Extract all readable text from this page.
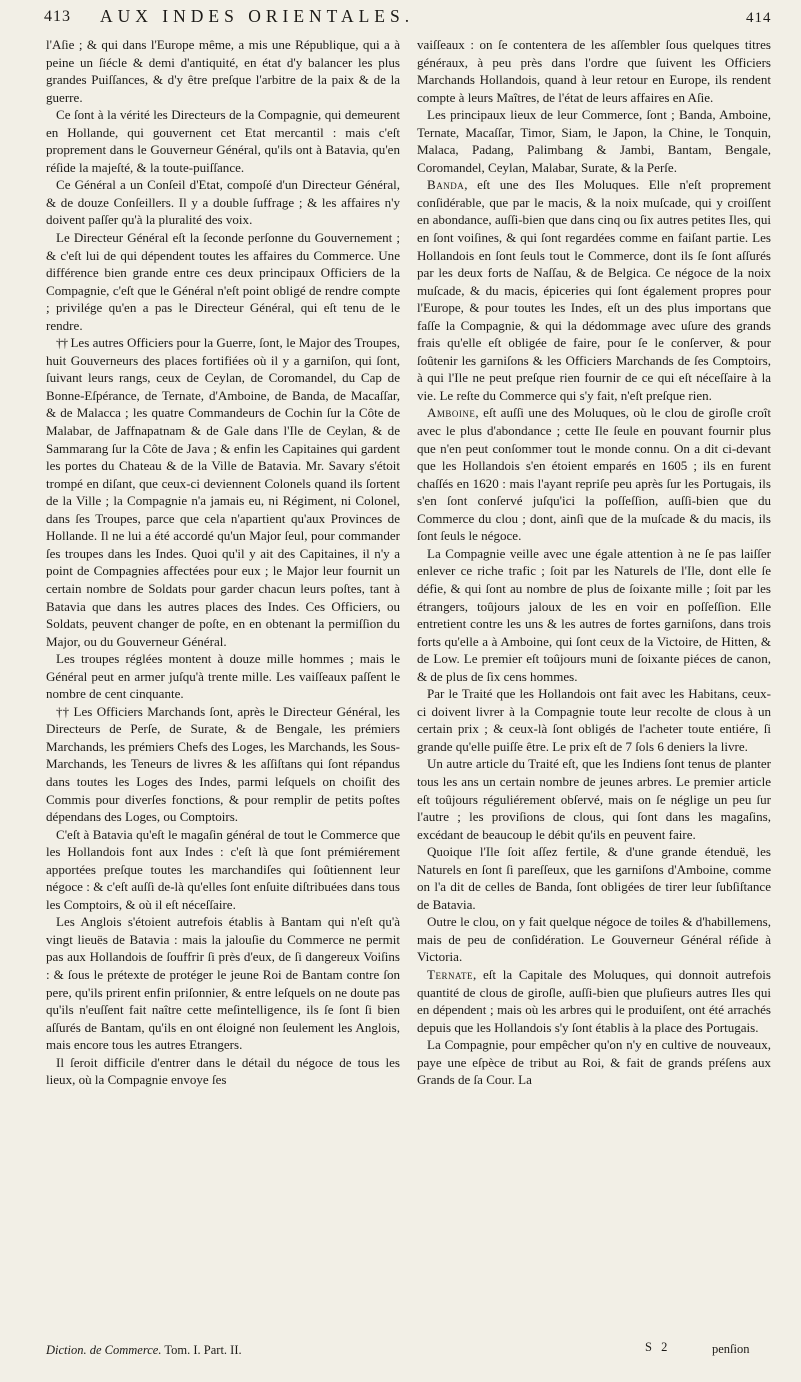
413 AUX INDES ORIENTALES.	414

l'Aſie ; & qui dans l'Europe même, a mis une République, qui a à peine un ſiécle & demi d'antiquité, en état d'y balancer les plus grandes Puiſſances, & d'y être preſque l'arbitre de la paix & de la guerre.

Ce ſont à la vérité les Directeurs de la Compagnie, qui demeurent en Hollande, qui gouvernent cet Etat mercantil : mais c'eſt proprement dans le Gouverneur Général, qu'ils ont à Batavia, qu'en réſide la majeſté, & la toute-puiſſance.

Ce Général a un Conſeil d'Etat, compoſé d'un Directeur Général, & de douze Conſeillers. Il y a double ſuffrage ; & les affaires n'y doivent paſſer qu'à la pluralité des voix.

Le Directeur Général eſt la ſeconde perſonne du Gouvernement ; & c'eſt lui de qui dépendent toutes les affaires du Commerce. Une différence bien grande entre ces deux principaux Officiers de la Compagnie, c'eſt que le Général n'eſt point obligé de rendre compte ; privilége qu'en a pas le Directeur Général, qui eſt tenu de le rendre.

†† Les autres Officiers pour la Guerre, ſont, le Major des Troupes, huit Gouverneurs des places fortifiées où il y a garniſon, qui ſont, ſuivant leurs rangs, ceux de Ceylan, de Coromandel, du Cap de Bonne-Eſpérance, de Ternate, d'Amboine, de Banda, de Macaſſar, & de Malacca ; les quatre Commandeurs de Cochin ſur la Côte de Malabar, de Jaffnapatnam & de Gale dans l'Ile de Ceylan, & de Sammarang ſur la Côte de Java ; & enfin les Capitaines qui gardent les portes du Chateau & de la Ville de Batavia. Mr. Savary s'étoit trompé en diſant, que ceux-ci deviennent Colonels quand ils ſortent de la Ville ; la Compagnie n'a jamais eu, ni Régiment, ni Colonel, dans ſes Troupes, parce que cela n'apartient qu'aux Provinces de Hollande. Il ne lui a été accordé qu'un Major ſeul, pour commander ſes troupes dans les Indes. Quoi qu'il y ait des Capitaines, il n'y a point de Compagnies affectées pour eux ; le Major leur fournit un certain nombre de Soldats pour garder chacun leurs poſtes, tant à Batavia que dans les autres places des Indes. Ces Officiers, ou Soldats, peuvent changer de poſte, en en obtenant la permiſſion du Major, ou du Gouverneur Général.

Les troupes réglées montent à douze mille hommes ; mais le Général peut en armer juſqu'à trente mille. Les vaiſſeaux paſſent le nombre de cent cinquante.

†† Les Officiers Marchands ſont, après le Directeur Général, les Directeurs de Perſe, de Surate, & de Bengale, les prémiers Marchands, les prémiers Chefs des Loges, les Marchands, les Sous-Marchands, les Teneurs de livres & les aſſiſtans qui ſont répandus dans toutes les Loges des Indes, parmi leſquels on choiſit des Commis pour diverſes fonctions, & pour remplir de petits poſtes dépendans des Loges, ou Comptoirs.

C'eſt à Batavia qu'eſt le magaſin général de tout le Commerce que les Hollandois font aux Indes : c'eſt là que ſont prémiérement apportées preſque toutes les marchandiſes qui ſoûtiennent leur négoce : & c'eſt auſſi de-là qu'elles ſont enſuite diſtribuées dans tous les Comptoirs, & où il eſt néceſſaire.

Les Anglois s'étoient autrefois établis à Bantam qui n'eſt qu'à vingt lieuës de Batavia : mais la jalouſie du Commerce ne permit pas aux Hollandois de ſouffrir ſi près d'eux, de ſi dangereux Voiſins : & ſous le prétexte de protéger le jeune Roi de Bantam contre ſon pere, qu'ils prirent enfin priſonnier, & entre leſquels on ne doute pas qu'ils n'euſſent fait naître cette meſintelligence, ils ſe ſont ſi bien aſſurés de Bantam, qu'ils en ont éloigné non ſeulement les Anglois, mais encore tous les autres Etrangers.

Il ſeroit difficile d'entrer dans le détail du négoce de tous les lieux, où la Compagnie envoye ſes

vaiſſeaux : on ſe contentera de les aſſembler ſous quelques titres généraux, à peu près dans l'ordre que ſuivent les Officiers Marchands Hollandois, quand à leur retour en Europe, ils rendent compte à leurs Maîtres, de l'état de leurs affaires en Aſie.

Les principaux lieux de leur Commerce, ſont ; Banda, Amboine, Ternate, Macaſſar, Timor, Siam, le Japon, la Chine, le Tonquin, Malaca, Padang, Palimbang & Jambi, Bantam, Bengale, Coromandel, Ceylan, Malabar, Surate, & la Perſe.

Banda, eſt une des Iles Moluques. Elle n'eſt proprement conſidérable, que par le macis, & la noix muſcade, qui y croiſſent en abondance, auſſi-bien que dans cinq ou ſix autres petites Iles, qui en ſont voiſines, & qui ſont regardées comme en faiſant partie. Les Hollandois en ſont ſeuls tout le Commerce, dont ils ſe ſont aſſurés par les deux forts de Naſſau, & de Belgica. Ce négoce de la noix muſcade, & du macis, épiceries qui ſont également propres pour l'Europe, & pour toutes les Indes, eſt un des plus importans que faſſe la Compagnie, & qui la dédommage avec uſure des grands frais qu'elle eſt obligée de faire, pour ſe le conſerver, & pour ſoûtenir les garniſons & les Officiers Marchands de ſes Comptoirs, à qui l'Ile ne peut preſque rien fournir de ce qui eſt néceſſaire à la vie. Le reſte du Commerce qui s'y fait, n'eſt preſque rien.

Amboine, eſt auſſi une des Moluques, où le clou de giroſle croît avec le plus d'abondance ; cette Ile ſeule en pouvant fournir plus que n'en peut conſommer tout le monde connu. On a dit ci-devant que les Hollandois s'en étoient emparés en 1605 ; ils en furent chaſſés en 1620 : mais l'ayant repriſe peu après ſur les Portugais, ils s'en ſont conſervé juſqu'ici la poſſeſſion, auſſi-bien que du Commerce du clou ; dont, ainſi que de la muſcade & du macis, ils ſont ſeuls le négoce.

La Compagnie veille avec une égale attention à ne ſe pas laiſſer enlever ce riche trafic ; ſoit par les Naturels de l'Ile, dont elle ſe défie, & qui ſont au nombre de plus de ſoixante mille ; ſoit par les étrangers, toûjours jaloux de les en voir en poſſeſſion. Elle entretient contre les uns & les autres de fortes garniſons, dans trois forts qu'elle a à Amboine, qui ſont ceux de la Victoire, de Hitten, & de Low. Le premier eſt toûjours muni de ſoixante piéces de canon, & de plus de ſix cens hommes.

Par le Traité que les Hollandois ont fait avec les Habitans, ceux-ci doivent livrer à la Compagnie toute leur recolte de clous à un certain prix ; & ceux-là ſont obligés de l'acheter toute entiére, ſi grande qu'elle puiſſe être. Le prix eſt de 7 ſols 6 deniers la livre.

Un autre article du Traité eſt, que les Indiens ſont tenus de planter tous les ans un certain nombre de jeunes arbres. Le premier article eſt toûjours réguliérement obſervé, mais on ſe néglige un peu ſur l'autre ; les proviſions de clous, qui ſont dans les magaſins, excédant de beaucoup le débit qu'ils en peuvent faire.

Quoique l'Ile ſoit aſſez fertile, & d'une grande étenduë, les Naturels en ſont ſi pareſſeux, que les garniſons d'Amboine, comme on l'a dit de celles de Banda, ſont obligées de tirer leur ſubſiſtance de Batavia.

Outre le clou, on y fait quelque négoce de toiles & d'habillemens, mais de peu de conſidération. Le Gouverneur Général réſide à Victoria.

Ternate, eſt la Capitale des Moluques, qui donnoit autrefois quantité de clous de giroſle, auſſi-bien que pluſieurs autres Iles qui en dépendent ; mais où les arbres qui le produiſent, ont été arrachés depuis que les Hollandois s'y ſont établis à la place des Portugais.

La Compagnie, pour empêcher qu'on n'y en cultive de nouveaux, paye une eſpèce de tribut au Roi, & fait de grands préſens aux Grands de ſa Cour. La

Diction. de Commerce. Tom. I. Part. II.	S 2	penſion
